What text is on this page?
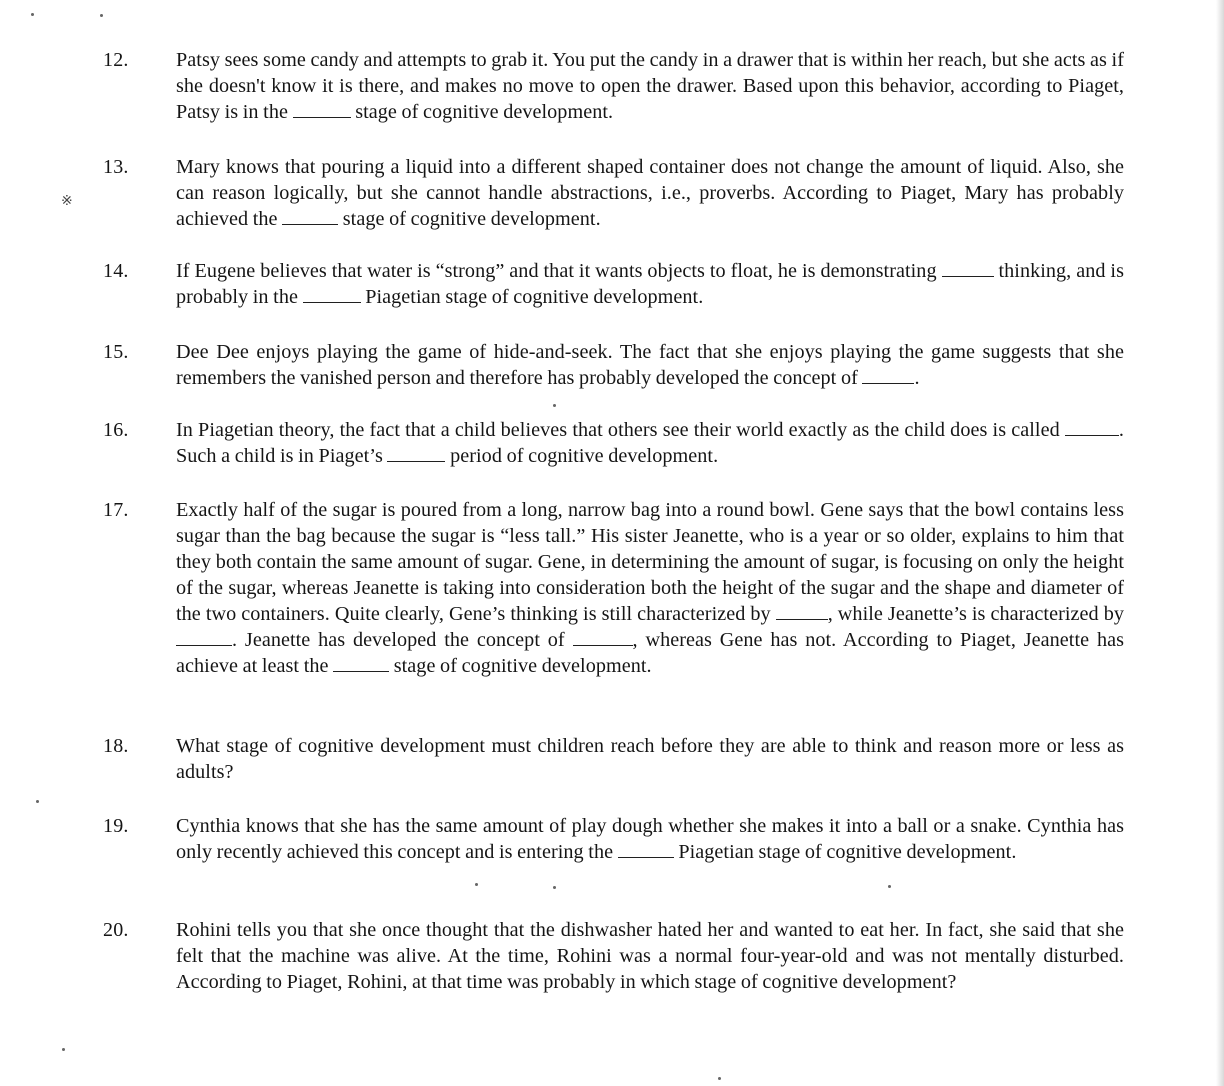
※
12. Patsy sees some candy and attempts to grab it. You put the candy in a drawer that is within her reach, but she acts as if she doesn't know it is there, and makes no move to open the drawer. Based upon this behavior, according to Piaget, Patsy is in the	stage of cognitive development.
13. Mary knows that pouring a liquid into a different shaped container does not change the amount of liquid. Also, she can reason logically, but she cannot handle abstractions, i.e., proverbs. According to Piaget, Mary has probably achieved the	stage of cognitive development.
14. If Eugene believes that water is “strong” and that it wants objects to float, he is demonstrating	thinking, and is probably in the	Piagetian stage of cognitive development.
15. Dee Dee enjoys playing the game of hide-and-seek. The fact that she enjoys playing the game suggests that she remembers the vanished person and therefore has probably developed the concept of	.
16. In Piagetian theory, the fact that a child believes that others see their world exactly as the child does is called	. Such a child is in Piaget’s	period of cognitive development.
17. Exactly half of the sugar is poured from a long, narrow bag into a round bowl. Gene says that the bowl contains less sugar than the bag because the sugar is “less tall.” His sister Jeanette, who is a year or so older, explains to him that they both contain the same amount of sugar. Gene, in determining the amount of sugar, is focusing on only the height of the sugar, whereas Jeanette is taking into consideration both the height of the sugar and the shape and diameter of the two containers. Quite clearly, Gene’s thinking is still characterized by	, while Jeanette’s is characterized by . Jeanette has developed the concept of	, whereas Gene has not. According to Piaget, Jeanette has achieve at least the	stage of cognitive development.
18. What stage of cognitive development must children reach before they are able to think and reason more or less as adults?
19. Cynthia knows that she has the same amount of play dough whether she makes it into a ball or a snake. Cynthia has only recently achieved this concept and is entering the	Piagetian stage of cognitive development.
20. Rohini tells you that she once thought that the dishwasher hated her and wanted to eat her. In fact, she said that she felt that the machine was alive. At the time, Rohini was a normal four-year-old and was not mentally disturbed. According to Piaget, Rohini, at that time was probably in which stage of cognitive development?
